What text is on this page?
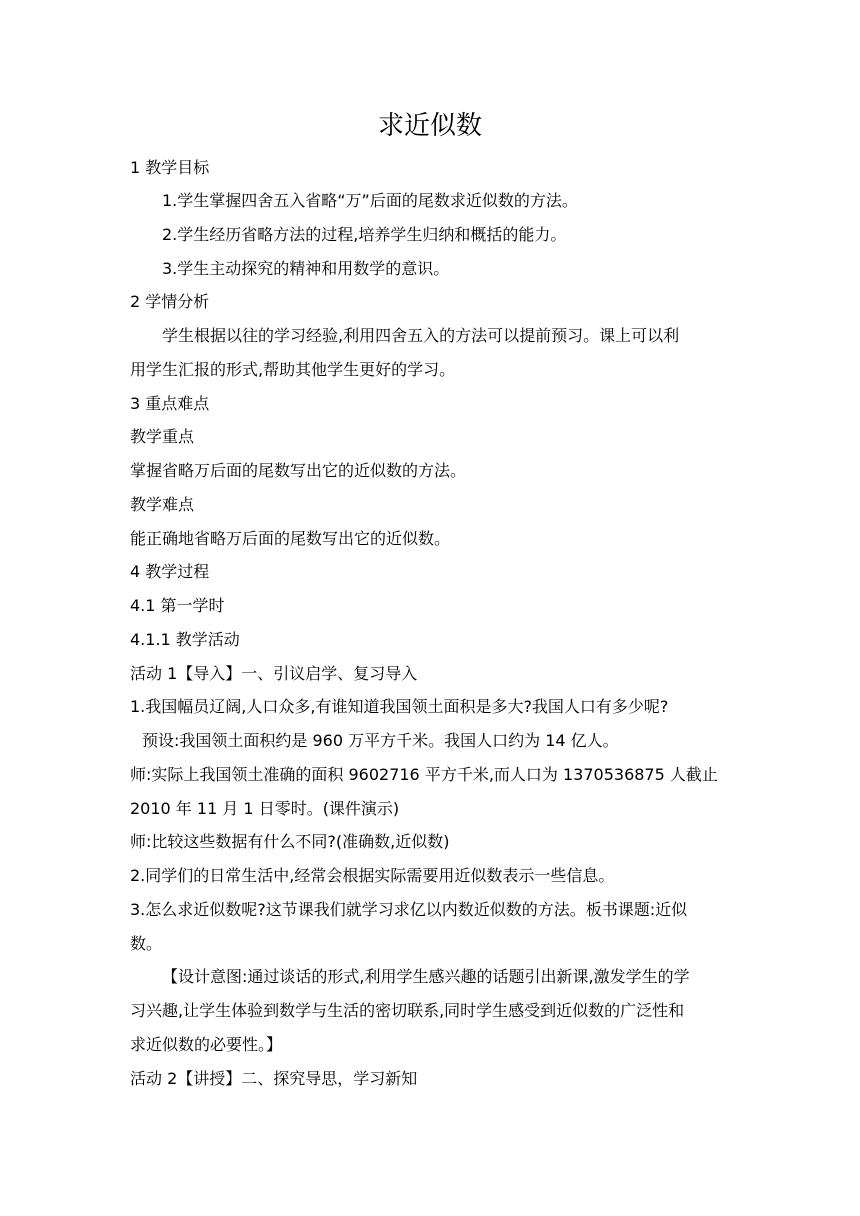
求近似数
1 教学目标
1.学生掌握四舍五入省略“万”后面的尾数求近似数的方法。
2.学生经历省略方法的过程,培养学生归纳和概括的能力。
3.学生主动探究的精神和用数学的意识。
2 学情分析
学生根据以往的学习经验,利用四舍五入的方法可以提前预习。课上可以利
用学生汇报的形式,帮助其他学生更好的学习。
3 重点难点
教学重点
掌握省略万后面的尾数写出它的近似数的方法。
教学难点
能正确地省略万后面的尾数写出它的近似数。
4 教学过程
4.1 第一学时
4.1.1 教学活动
活动 1【导入】一、引议启学、复习导入
1.我国幅员辽阔,人口众多,有谁知道我国领土面积是多大?我国人口有多少呢?
预设:我国领土面积约是 960 万平方千米。我国人口约为 14 亿人。
师:实际上我国领土准确的面积 9602716 平方千米,而人口为 1370536875 人截止
2010 年 11 月 1 日零时。(课件演示)
师:比较这些数据有什么不同?(准确数,近似数)
2.同学们的日常生活中,经常会根据实际需要用近似数表示一些信息。
3.怎么求近似数呢?这节课我们就学习求亿以内数近似数的方法。板书课题:近似
数。
【设计意图:通过谈话的形式,利用学生感兴趣的话题引出新课,激发学生的学
习兴趣,让学生体验到数学与生活的密切联系,同时学生感受到近似数的广泛性和
求近似数的必要性。】
活动 2【讲授】二、探究导思，学习新知
